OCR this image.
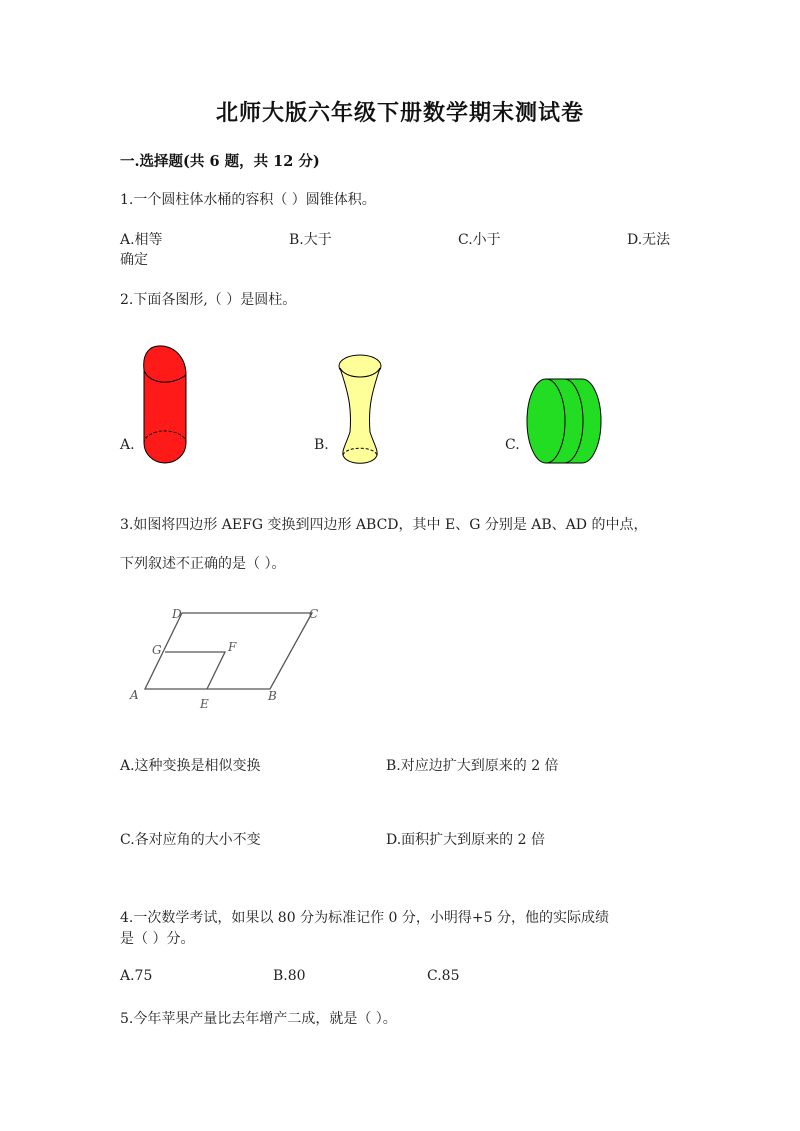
北师大版六年级下册数学期末测试卷
一.选择题(共 6 题，共 12 分)
1.一个圆柱体水桶的容积（ ）圆锥体积。
A.相等	B.大于	C.小于	D.无法
确定
2.下面各图形,（ ）是圆柱。
A.	B.	C.
3.如图将四边形 AEFG 变换到四边形 ABCD，其中 E、G 分别是 AB、AD 的中点，
下列叙述不正确的是（ ）。
A	B
C
D
E
F
G
A.这种变换是相似变换	B.对应边扩大到原来的 2 倍
C.各对应角的大小不变	D.面积扩大到原来的 2 倍
4.一次数学考试，如果以 80 分为标准记作 0 分，小明得+5 分，他的实际成绩
是（ ）分。
A.75	B.80	C.85
5.今年苹果产量比去年增产二成，就是（ ）。
